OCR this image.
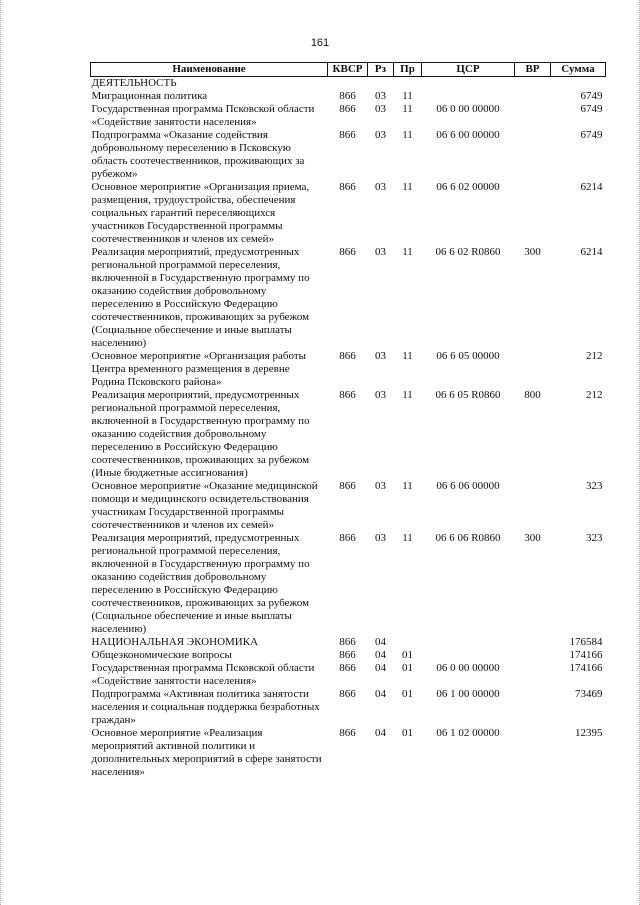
161
Наименование	КВСР	Рз	Пр	ЦСР	ВР	Сумма
ДЕЯТЕЛЬНОСТЬ						
Миграционная политика	866	03	11			6749
Государственная программа Псковской области «Содействие занятости населения»	866	03	11	06 0 00 00000		6749
Подпрограмма «Оказание содействия добровольному переселению в Псковскую область соотечественников, проживающих за рубежом»	866	03	11	06 6 00 00000		6749
Основное мероприятие «Организация приема, размещения, трудоустройства, обеспечения социальных гарантий переселяющихся участников Государственной программы соотечественников и членов их семей»	866	03	11	06 6 02 00000		6214
Реализация мероприятий, предусмотренных региональной программой переселения, включенной в Государственную программу по оказанию содействия добровольному переселению в Российскую Федерацию соотечественников, проживающих за рубежом (Социальное обеспечение и иные выплаты населению)	866	03	11	06 6 02 R0860	300	6214
Основное мероприятие «Организация работы Центра временного размещения в деревне Родина Псковского района»	866	03	11	06 6 05 00000		212
Реализация мероприятий, предусмотренных региональной программой переселения, включенной в Государственную программу по оказанию содействия добровольному переселению в Российскую Федерацию соотечественников, проживающих за рубежом (Иные бюджетные ассигнования)	866	03	11	06 6 05 R0860	800	212
Основное мероприятие «Оказание медицинской помощи и медицинского освидетельствования участникам Государственной программы соотечественников и членов их семей»	866	03	11	06 6 06 00000		323
Реализация мероприятий, предусмотренных региональной программой переселения, включенной в Государственную программу по оказанию содействия добровольному переселению в Российскую Федерацию соотечественников, проживающих за рубежом (Социальное обеспечение и иные выплаты населению)	866	03	11	06 6 06 R0860	300	323
НАЦИОНАЛЬНАЯ ЭКОНОМИКА	866	04				176584
Общеэкономические вопросы	866	04	01			174166
Государственная программа Псковской области «Содействие занятости населения»	866	04	01	06 0 00 00000		174166
Подпрограмма «Активная политика занятости населения и социальная поддержка безработных граждан»	866	04	01	06 1 00 00000		73469
Основное мероприятие «Реализация мероприятий активной политики и дополнительных мероприятий в сфере занятости населения»	866	04	01	06 1 02 00000		12395
